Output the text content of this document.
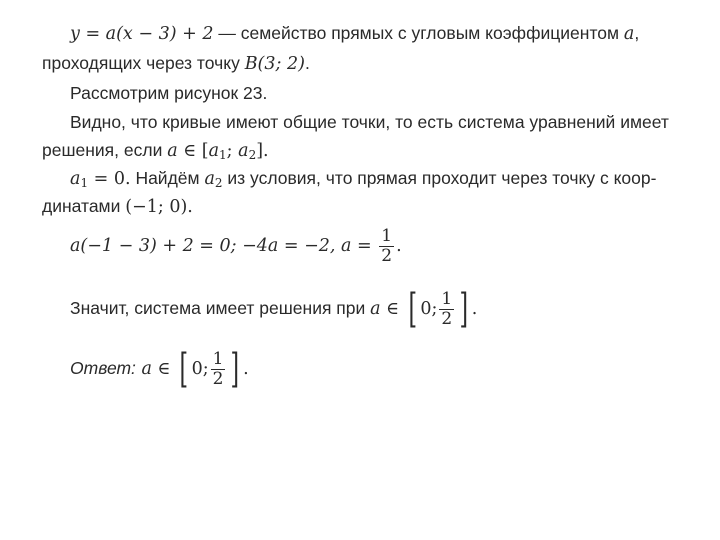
y = a(x − 3) + 2 — семейство прямых с угловым коэффициентом a,
проходящих через точку B(3; 2).
Рассмотрим рисунок 23.
Видно, что кривые имеют общие точки, то есть система уравнений имеет
решения, если a ∈ [$a_1$; $a_2$].
$a_1 = 0$. Найдём $a_2$ из условия, что прямая проходит через точку с коор-
динатами (−1; 0).
a(−1 − 3) + 2 = 0; −4a = −2, $a = \frac{1}{2}$ .
Значит, система имеет решения при a ∈ [ 0; $\frac{1}{2}$ ] .
Ответ: a ∈ [ 0; $\frac{1}{2}$ ] .
